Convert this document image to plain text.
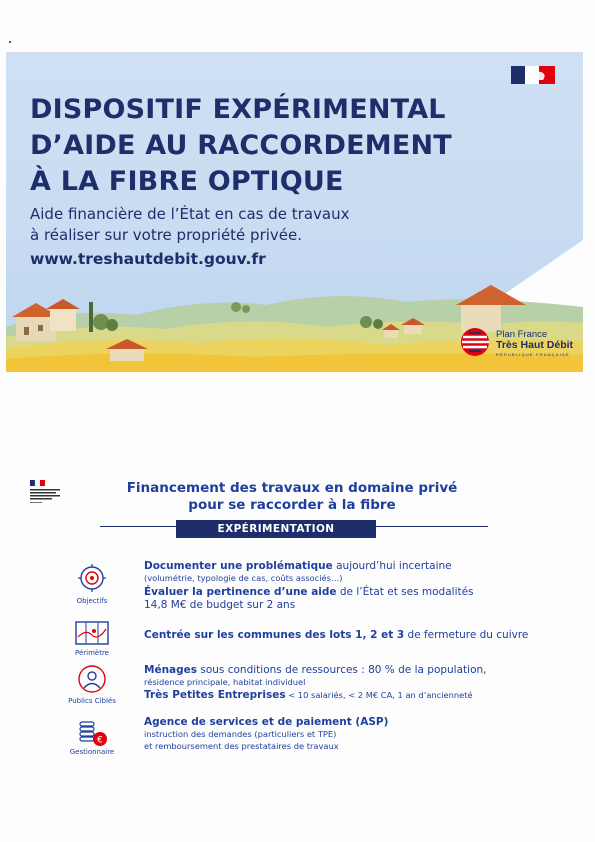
DISPOSITIF EXPÉRIMENTAL
D’AIDE AU RACCORDEMENT
À LA FIBRE OPTIQUE
Aide financière de l’État en cas de travaux
à réaliser sur votre propriété privée.
www.treshautdebit.gouv.fr
Plan France
Très Haut Débit
RÉPUBLIQUE FRANÇAISE
Financement des travaux en domaine privé
pour se raccorder à la fibre
EXPÉRIMENTATION
Objectifs
Documenter une problématique aujourd’hui incertaine
(volumétrie, typologie de cas, coûts associés…)
Évaluer la pertinence d’une aide de l’État et ses modalités
14,8 M€ de budget sur 2 ans
Périmètre
Centrée sur les communes des lots 1, 2 et 3 de fermeture du cuivre
Publics Ciblés
Ménages sous conditions de ressources : 80 % de la population,
résidence principale, habitat individuel
Très Petites Entreprises < 10 salariés, < 2 M€ CA, 1 an d’ancienneté
€
Gestionnaire
Agence de services et de paiement (ASP)
instruction des demandes (particuliers et TPE)
et remboursement des prestataires de travaux
